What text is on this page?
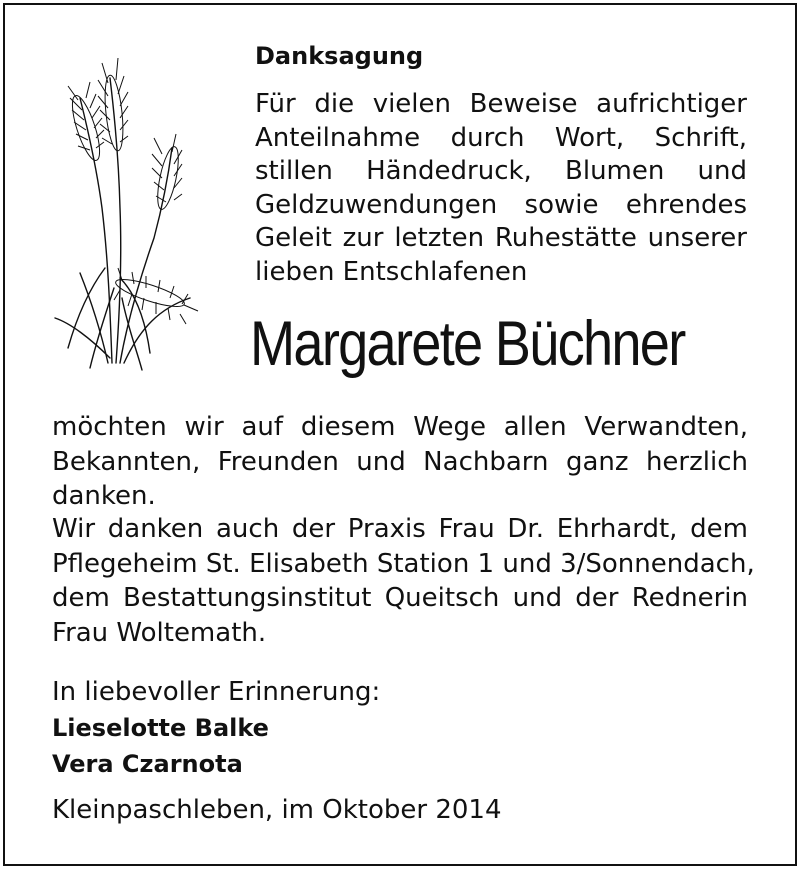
Danksagung
Für die vielen Beweise aufrichtiger
Anteilnahme durch Wort, Schrift,
stillen Händedruck, Blumen und
Geldzuwendungen sowie ehrendes
Geleit zur letzten Ruhestätte unserer
lieben Entschlafenen
Margarete Büchner
möchten wir auf diesem Wege allen Verwandten,
Bekannten, Freunden und Nachbarn ganz herzlich
danken.
Wir danken auch der Praxis Frau Dr. Ehrhardt, dem
Pflegeheim St. Elisabeth Station 1 und 3/Sonnendach,
dem Bestattungsinstitut Queitsch und der Rednerin
Frau Woltemath.
In liebevoller Erinnerung:
Lieselotte Balke
Vera Czarnota
Kleinpaschleben, im Oktober 2014
